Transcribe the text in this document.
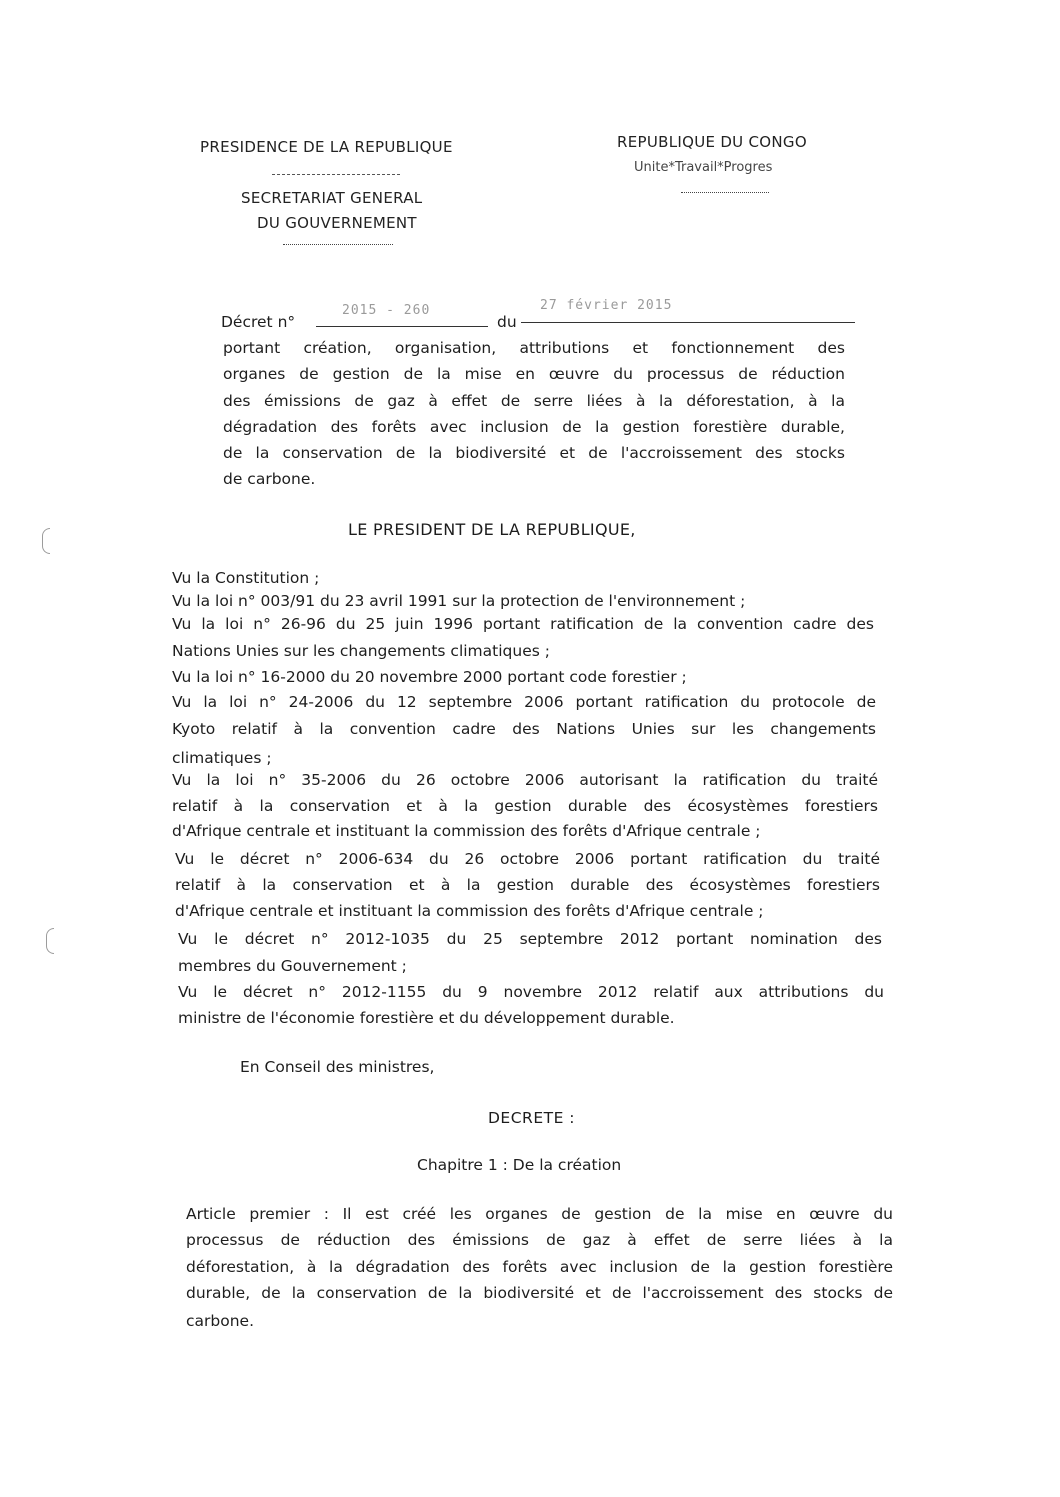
PRESIDENCE DE LA REPUBLIQUE
SECRETARIAT GENERAL
DU GOUVERNEMENT
REPUBLIQUE DU CONGO
Unite*Travail*Progres
Décret n°
2015 - 260
du
27 février 2015
portant création, organisation, attributions et fonctionnement des
organes de gestion de la mise en œuvre du processus de réduction
des émissions de gaz à effet de serre liées à la déforestation, à la
dégradation des forêts avec inclusion de la gestion forestière durable,
de la conservation de la biodiversité et de l'accroissement des stocks
de carbone.
LE PRESIDENT DE LA REPUBLIQUE,
Vu la Constitution ;
Vu la loi n° 003/91 du 23 avril 1991 sur la protection de l'environnement ;
Vu la loi n° 26-96 du 25 juin 1996 portant ratification de la convention cadre des
Nations Unies sur les changements climatiques ;
Vu la loi n° 16-2000 du 20 novembre 2000 portant code forestier ;
Vu la loi n° 24-2006 du 12 septembre 2006 portant ratification du protocole de
Kyoto relatif à la convention cadre des Nations Unies sur les changements
climatiques ;
Vu la loi n° 35-2006 du 26 octobre 2006 autorisant la ratification du traité
relatif à la conservation et à la gestion durable des écosystèmes forestiers
d'Afrique centrale et instituant la commission des forêts d'Afrique centrale ;
Vu le décret n° 2006-634 du 26 octobre 2006 portant ratification du traité
relatif à la conservation et à la gestion durable des écosystèmes forestiers
d'Afrique centrale et instituant la commission des forêts d'Afrique centrale ;
Vu le décret n° 2012-1035 du 25 septembre 2012 portant nomination des
membres du Gouvernement ;
Vu le décret n° 2012-1155 du 9 novembre 2012 relatif aux attributions du
ministre de l'économie forestière et du développement durable.
En Conseil des ministres,
DECRETE :
Chapitre 1 : De la création
Article premier : Il est créé les organes de gestion de la mise en œuvre du
processus de réduction des émissions de gaz à effet de serre liées à la
déforestation, à la dégradation des forêts avec inclusion de la gestion forestière
durable, de la conservation de la biodiversité et de l'accroissement des stocks de
carbone.
